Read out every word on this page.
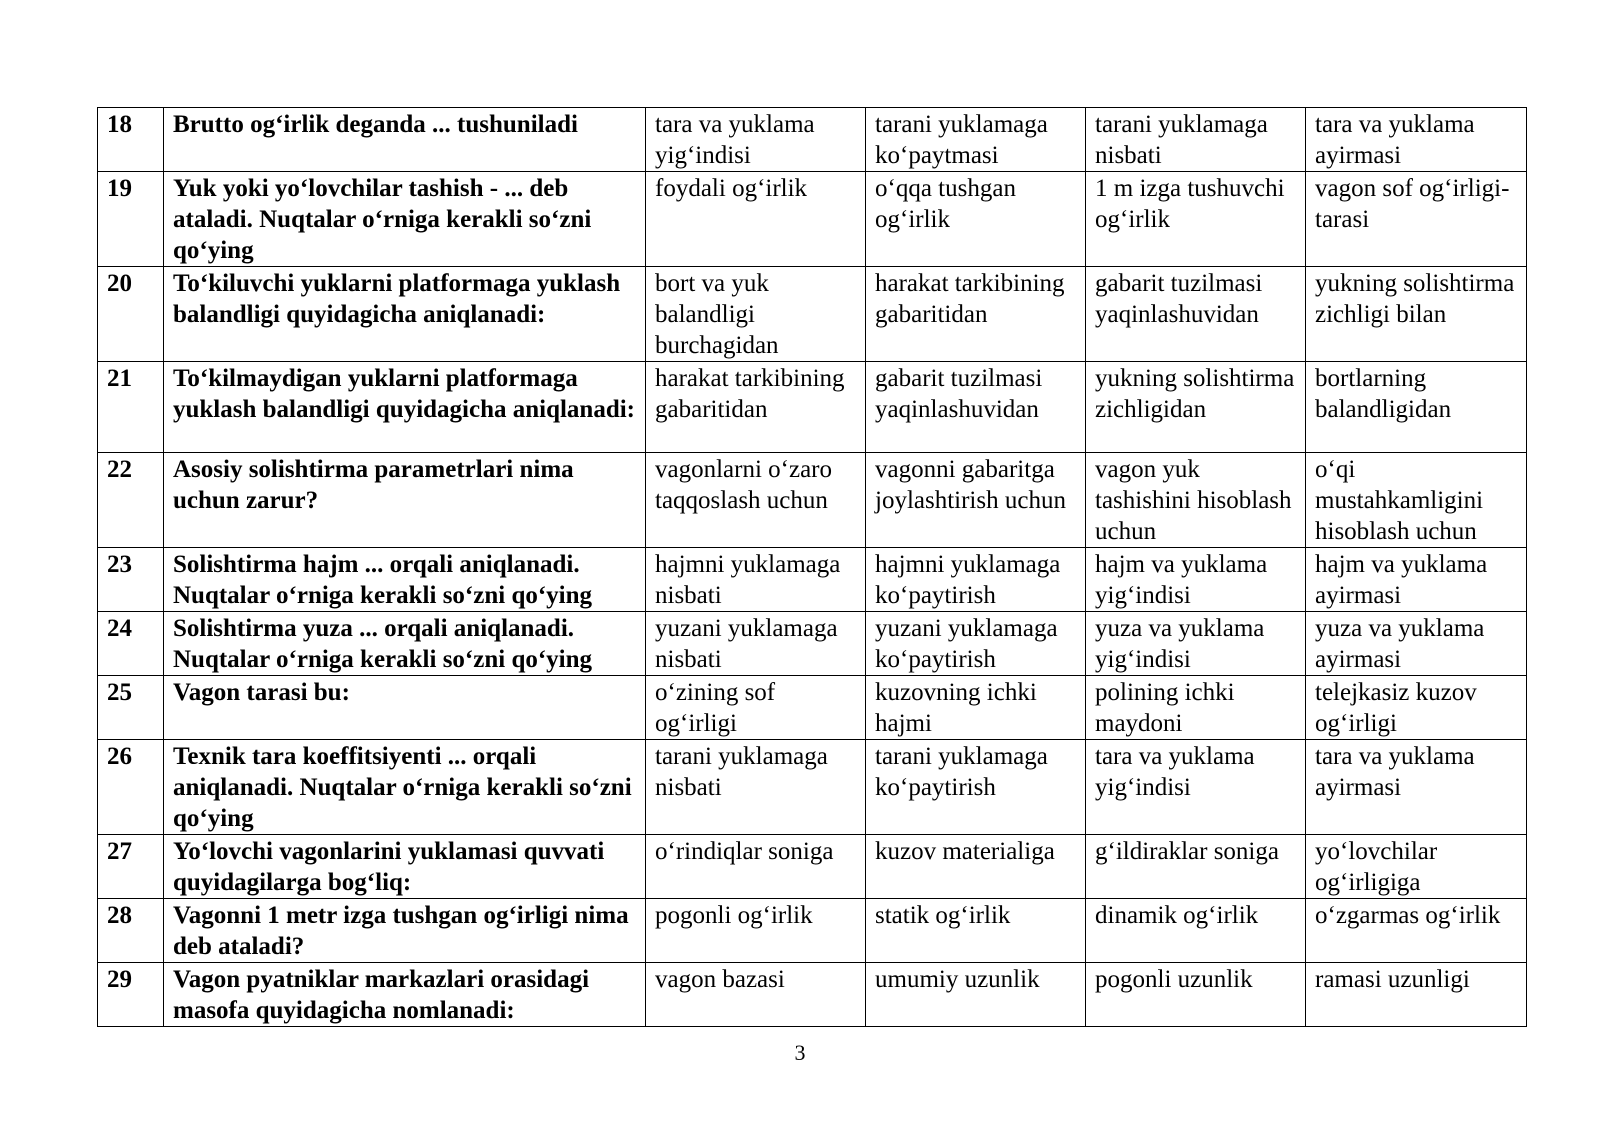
18	Brutto og‘irlik deganda ... tushuniladi	tara va yuklama yig‘indisi	tarani yuklamaga ko‘paytmasi	tarani yuklamaga nisbati	tara va yuklama ayirmasi
19	Yuk yoki yo‘lovchilar tashish - ... deb ataladi. Nuqtalar o‘rniga kerakli so‘zni qo‘ying	foydali og‘irlik	o‘qqa tushgan og‘irlik	1 m izga tushuvchi og‘irlik	vagon sof og‘irligi-tarasi
20	To‘kiluvchi yuklarni platformaga yuklash balandligi quyidagicha aniqlanadi:	bort va yuk balandligi burchagidan	harakat tarkibining gabaritidan	gabarit tuzilmasi yaqinlashuvidan	yukning solishtirma zichligi bilan
21	To‘kilmaydigan yuklarni platformaga yuklash balandligi quyidagicha aniqlanadi:	harakat tarkibining gabaritidan	gabarit tuzilmasi yaqinlashuvidan	yukning solishtirma zichligidan	bortlarning balandligidan
22	Asosiy solishtirma parametrlari nima uchun zarur?	vagonlarni o‘zaro taqqoslash uchun	vagonni gabaritga joylashtirish uchun	vagon yuk tashishini hisoblash uchun	o‘qi mustahkamligini hisoblash uchun
23	Solishtirma hajm ... orqali aniqlanadi. Nuqtalar o‘rniga kerakli so‘zni qo‘ying	hajmni yuklamaga nisbati	hajmni yuklamaga ko‘paytirish	hajm va yuklama yig‘indisi	hajm va yuklama ayirmasi
24	Solishtirma yuza ... orqali aniqlanadi. Nuqtalar o‘rniga kerakli so‘zni qo‘ying	yuzani yuklamaga nisbati	yuzani yuklamaga ko‘paytirish	yuza va yuklama yig‘indisi	yuza va yuklama ayirmasi
25	Vagon tarasi bu:	o‘zining sof og‘irligi	kuzovning ichki hajmi	polining ichki maydoni	telejkasiz kuzov og‘irligi
26	Texnik tara koeffitsiyenti ... orqali aniqlanadi. Nuqtalar o‘rniga kerakli so‘zni qo‘ying	tarani yuklamaga nisbati	tarani yuklamaga ko‘paytirish	tara va yuklama yig‘indisi	tara va yuklama ayirmasi
27	Yo‘lovchi vagonlarini yuklamasi quvvati quyidagilarga bog‘liq:	o‘rindiqlar soniga	kuzov materialiga	g‘ildiraklar soniga	yo‘lovchilar og‘irligiga
28	Vagonni 1 metr izga tushgan og‘irligi nima deb ataladi?	pogonli og‘irlik	statik og‘irlik	dinamik og‘irlik	o‘zgarmas og‘irlik
29	Vagon pyatniklar markazlari orasidagi masofa quyidagicha nomlanadi:	vagon bazasi	umumiy uzunlik	pogonli uzunlik	ramasi uzunligi
3
